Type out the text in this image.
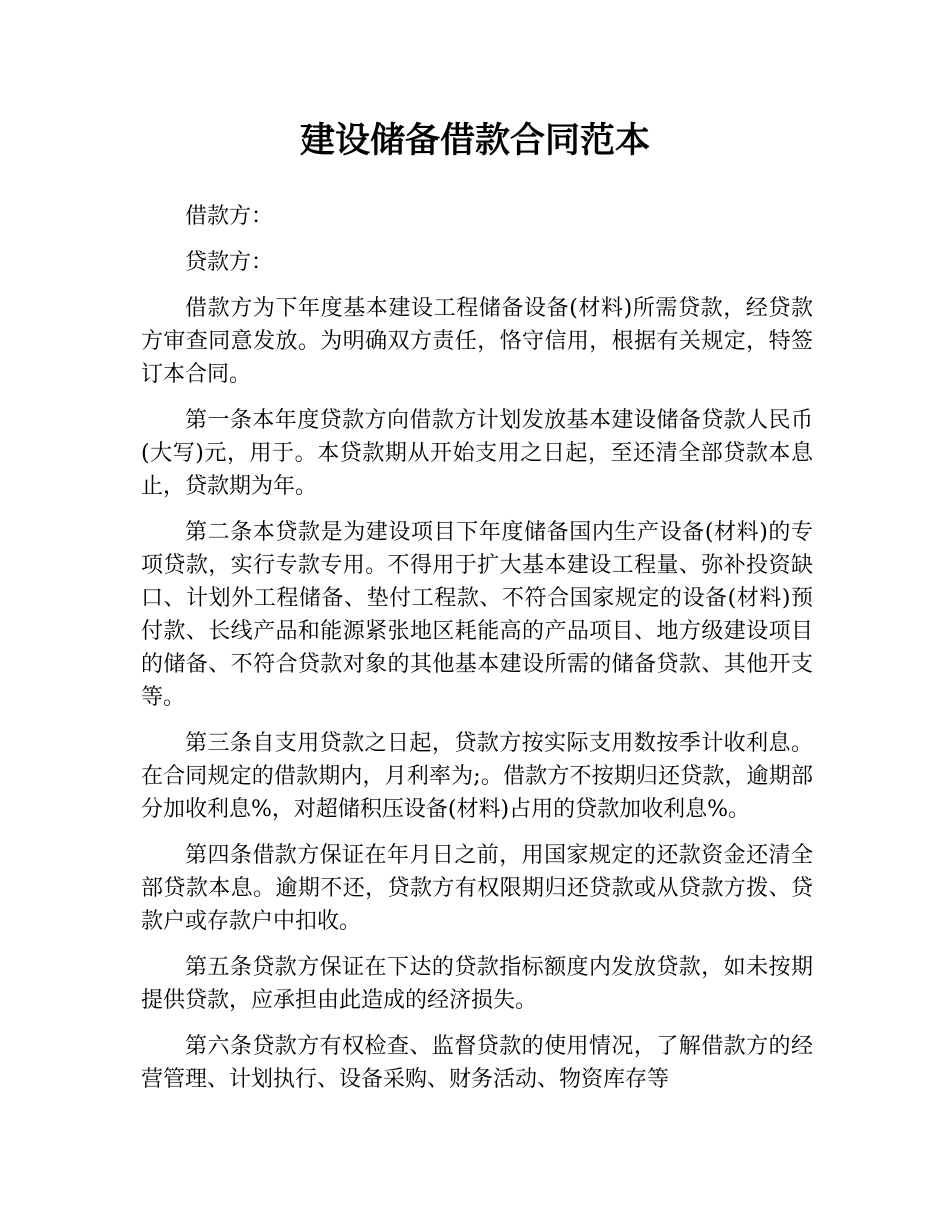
建设储备借款合同范本

借款方：

贷款方：

借款方为下年度基本建设工程储备设备(材料)所需贷款，经贷款方审查同意发放。为明确双方责任，恪守信用，根据有关规定，特签订本合同。

第一条本年度贷款方向借款方计划发放基本建设储备贷款人民币(大写)元，用于。本贷款期从开始支用之日起，至还清全部贷款本息止，贷款期为年。

第二条本贷款是为建设项目下年度储备国内生产设备(材料)的专项贷款，实行专款专用。不得用于扩大基本建设工程量、弥补投资缺口、计划外工程储备、垫付工程款、不符合国家规定的设备(材料)预付款、长线产品和能源紧张地区耗能高的产品项目、地方级建设项目的储备、不符合贷款对象的其他基本建设所需的储备贷款、其他开支等。

第三条自支用贷款之日起，贷款方按实际支用数按季计收利息。在合同规定的借款期内，月利率为;。借款方不按期归还贷款，逾期部分加收利息%，对超储积压设备(材料)占用的贷款加收利息%。

第四条借款方保证在年月日之前，用国家规定的还款资金还清全部贷款本息。逾期不还，贷款方有权限期归还贷款或从贷款方拨、贷款户或存款户中扣收。

第五条贷款方保证在下达的贷款指标额度内发放贷款，如未按期提供贷款，应承担由此造成的经济损失。

第六条贷款方有权检查、监督贷款的使用情况，了解借款方的经营管理、计划执行、设备采购、财务活动、物资库存等
